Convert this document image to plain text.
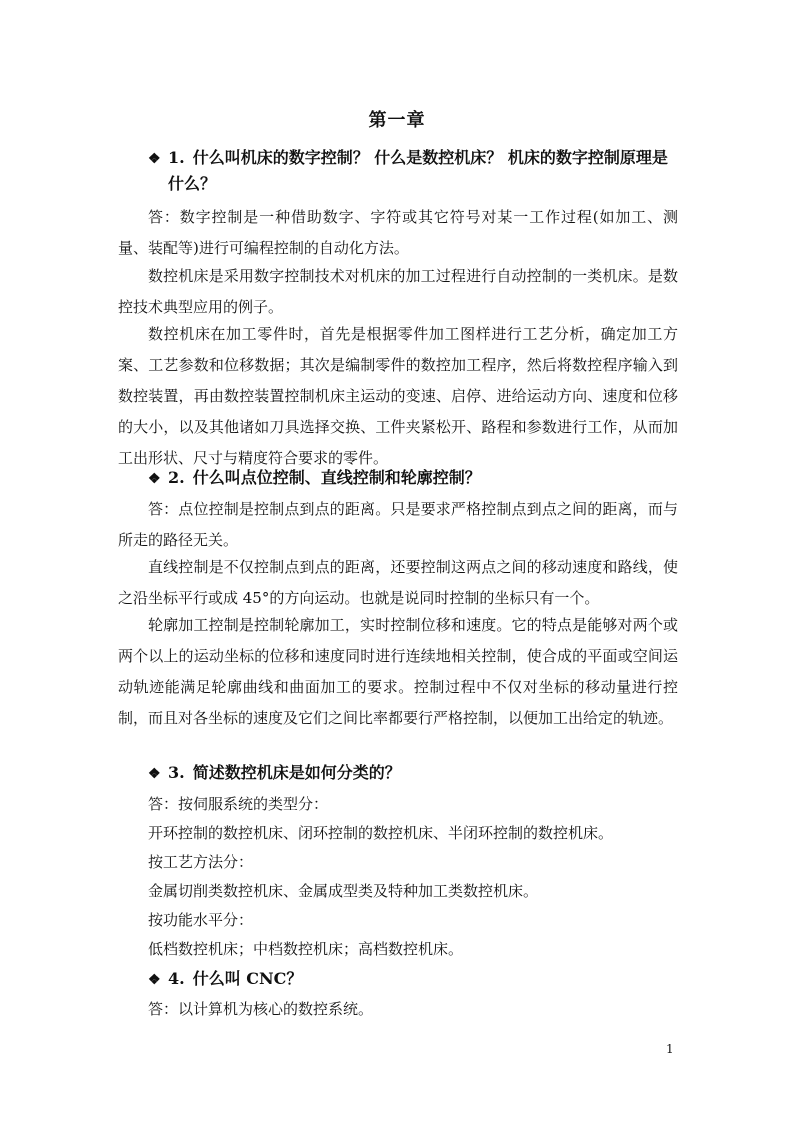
第一章
❖ 1. 什么叫机床的数字控制？ 什么是数控机床？ 机床的数字控制原理是
什么？
答：数字控制是一种借助数字、字符或其它符号对某一工作过程(如加工、测量、装配等)进行可编程控制的自动化方法。
数控机床是采用数字控制技术对机床的加工过程进行自动控制的一类机床。是数控技术典型应用的例子。
数控机床在加工零件时，首先是根据零件加工图样进行工艺分析，确定加工方案、工艺参数和位移数据；其次是编制零件的数控加工程序，然后将数控程序输入到数控装置，再由数控装置控制机床主运动的变速、启停、进给运动方向、速度和位移的大小，以及其他诸如刀具选择交换、工件夹紧松开、路程和参数进行工作，从而加工出形状、尺寸与精度符合要求的零件。
❖ 2. 什么叫点位控制、直线控制和轮廓控制？
答：点位控制是控制点到点的距离。只是要求严格控制点到点之间的距离，而与所走的路径无关。
直线控制是不仅控制点到点的距离，还要控制这两点之间的移动速度和路线，使之沿坐标平行或成 45°的方向运动。也就是说同时控制的坐标只有一个。
轮廓加工控制是控制轮廓加工，实时控制位移和速度。它的特点是能够对两个或两个以上的运动坐标的位移和速度同时进行连续地相关控制，使合成的平面或空间运动轨迹能满足轮廓曲线和曲面加工的要求。控制过程中不仅对坐标的移动量进行控制，而且对各坐标的速度及它们之间比率都要行严格控制，以便加工出给定的轨迹。
❖ 3. 简述数控机床是如何分类的？
答：按伺服系统的类型分：
开环控制的数控机床、闭环控制的数控机床、半闭环控制的数控机床。
按工艺方法分：
金属切削类数控机床、金属成型类及特种加工类数控机床。
按功能水平分：
低档数控机床；中档数控机床；高档数控机床。
❖ 4. 什么叫 CNC？
答：以计算机为核心的数控系统。
1
